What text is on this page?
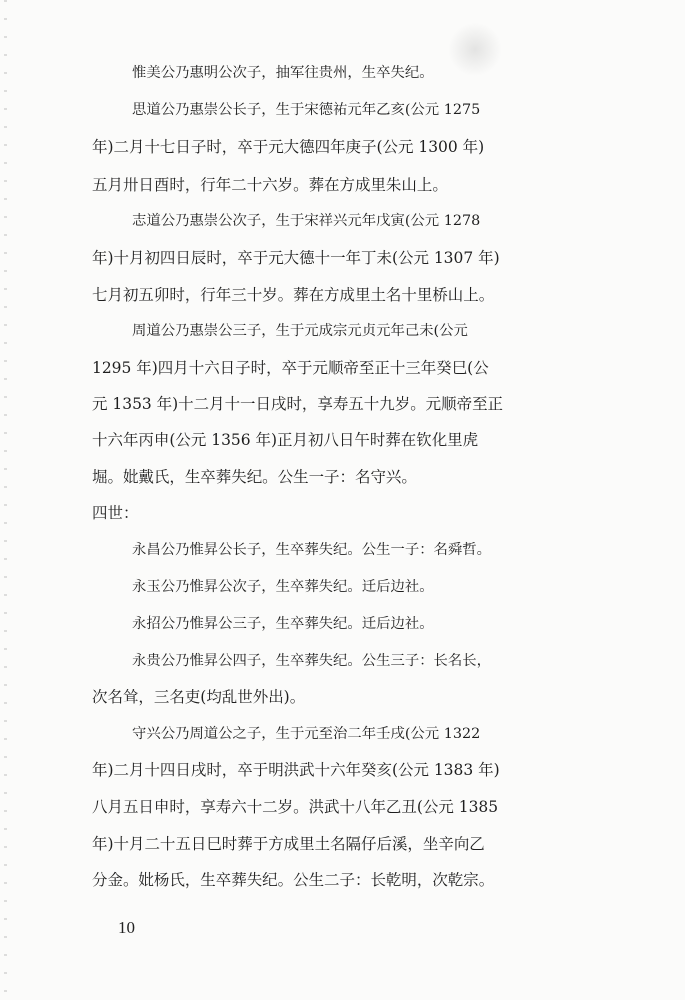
惟美公乃惠明公次子，抽军往贵州，生卒失纪。
思道公乃惠崇公长子，生于宋德祐元年乙亥(公元 1275
年)二月十七日子时，卒于元大德四年庚子(公元 1300 年)
五月卅日酉时，行年二十六岁。葬在方成里朱山上。
志道公乃惠崇公次子，生于宋祥兴元年戊寅(公元 1278
年)十月初四日辰时，卒于元大德十一年丁未(公元 1307 年)
七月初五卯时，行年三十岁。葬在方成里土名十里桥山上。
周道公乃惠崇公三子，生于元成宗元贞元年己未(公元
1295 年)四月十六日子时，卒于元顺帝至正十三年癸巳(公
元 1353 年)十二月十一日戌时，享寿五十九岁。元顺帝至正
十六年丙申(公元 1356 年)正月初八日午时葬在钦化里虎
堀。妣戴氏，生卒葬失纪。公生一子：名守兴。
四世：
永昌公乃惟昇公长子，生卒葬失纪。公生一子：名舜哲。
永玉公乃惟昇公次子，生卒葬失纪。迁后边社。
永招公乃惟昇公三子，生卒葬失纪。迁后边社。
永贵公乃惟昇公四子，生卒葬失纪。公生三子：长名长，
次名耸，三名吏(均乱世外出)。
守兴公乃周道公之子，生于元至治二年壬戌(公元 1322
年)二月十四日戌时，卒于明洪武十六年癸亥(公元 1383 年)
八月五日申时，享寿六十二岁。洪武十八年乙丑(公元 1385
年)十月二十五日巳时葬于方成里土名隔仔后溪，坐辛向乙
分金。妣杨氏，生卒葬失纪。公生二子：长乾明，次乾宗。
10
